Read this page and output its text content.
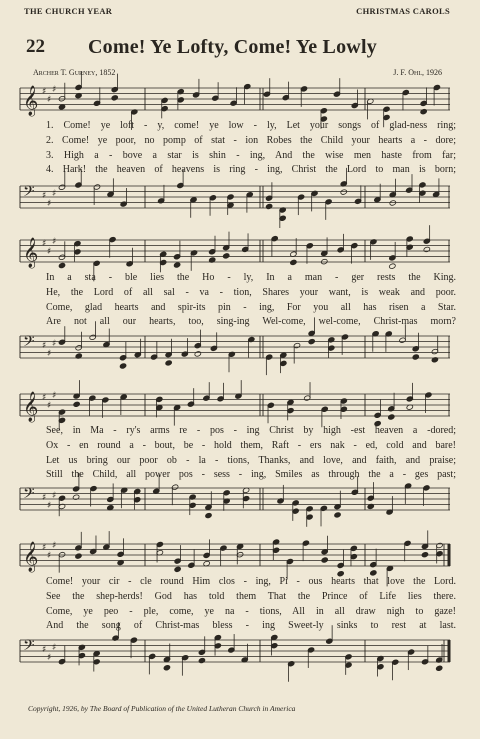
THE CHURCH YEAR	CHRISTMAS CAROLS
22 Come! Ye Lofty, Come! Ye Lowly
Archer T. Gurney, 1852	J. F. Ohl, 1926
𝄞 ♯
♯
♯
1. Come! ye loft - y, come! ye low - ly, Let your songs of glad-ness ring;
2. Come! ye poor, no pomp of stat - ion Robes the Child your hearts a - dore;
3. High a - bove a star is shin - ing, And the wise men haste from far;
4. Hark! the heaven of heavens is ring - ing, Christ the Lord to man is born;
𝄢 ♯
♯
♯
𝄞 ♯
♯
♯
In a sta - ble lies the Ho - ly, In a man - ger rests the King.
He, the Lord of all sal - va - tion, Shares your want, is weak and poor.
Come, glad hearts and spir-its pin - ing, For you all has risen a Star.
Are not all our hearts, too, sing-ing Wel-come, wel-come, Christ-mas morn?
𝄢 ♯
♯
♯
𝄞 ♯
♯
♯
See, in Ma - ry's arms re - pos - ing Christ by high -est heaven a -dored;
Ox - en round a - bout, be - hold them, Raft - ers nak - ed, cold and bare!
Let us bring our poor ob - la - tions, Thanks, and love, and faith, and praise;
Still the Child, all power pos - sess - ing, Smiles as through the a - ges past;
𝄢 ♯
♯
♯
𝄞 ♯
♯
♯
Come! your cir - cle round Him clos - ing, Pi - ous hearts that love the Lord.
See the shep-herds! God has told them That the Prince of Life lies there.
Come, ye peo - ple, come, ye na - tions, All in all draw nigh to gaze!
And the song of Christ-mas bless - ing Sweet-ly sinks to rest at last.
𝄢 ♯
♯
♯
Copyright, 1926, by The Board of Publication of the United Lutheran Church in America
